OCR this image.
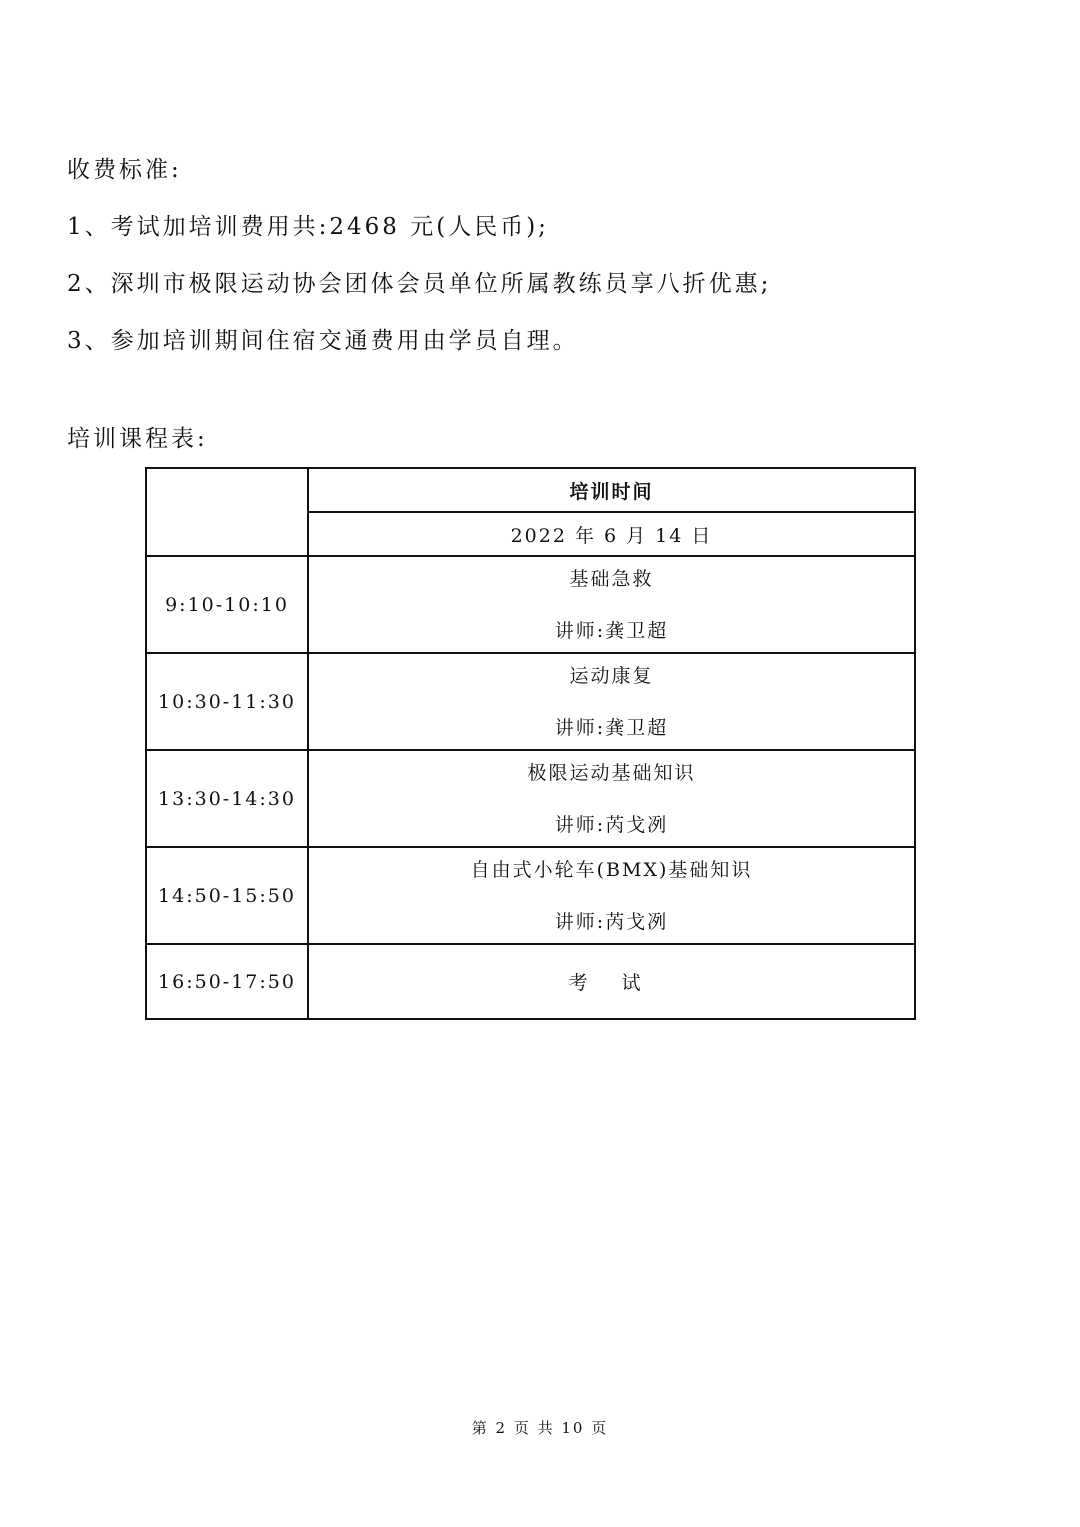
收费标准:
1、考试加培训费用共:2468 元(人民币);
2、深圳市极限运动协会团体会员单位所属教练员享八折优惠;
3、参加培训期间住宿交通费用由学员自理。
培训课程表:
	培训时间
	2022 年 6 月 14 日
9:10-10:10	基础急救
讲师:龚卫超

10:30-11:30	运动康复
讲师:龚卫超

13:30-14:30	极限运动基础知识
讲师:芮戈冽

14:50-15:50	自由式小轮车(BMX)基础知识
讲师:芮戈冽

16:50-17:50	考 试
第 2 页 共 10 页
